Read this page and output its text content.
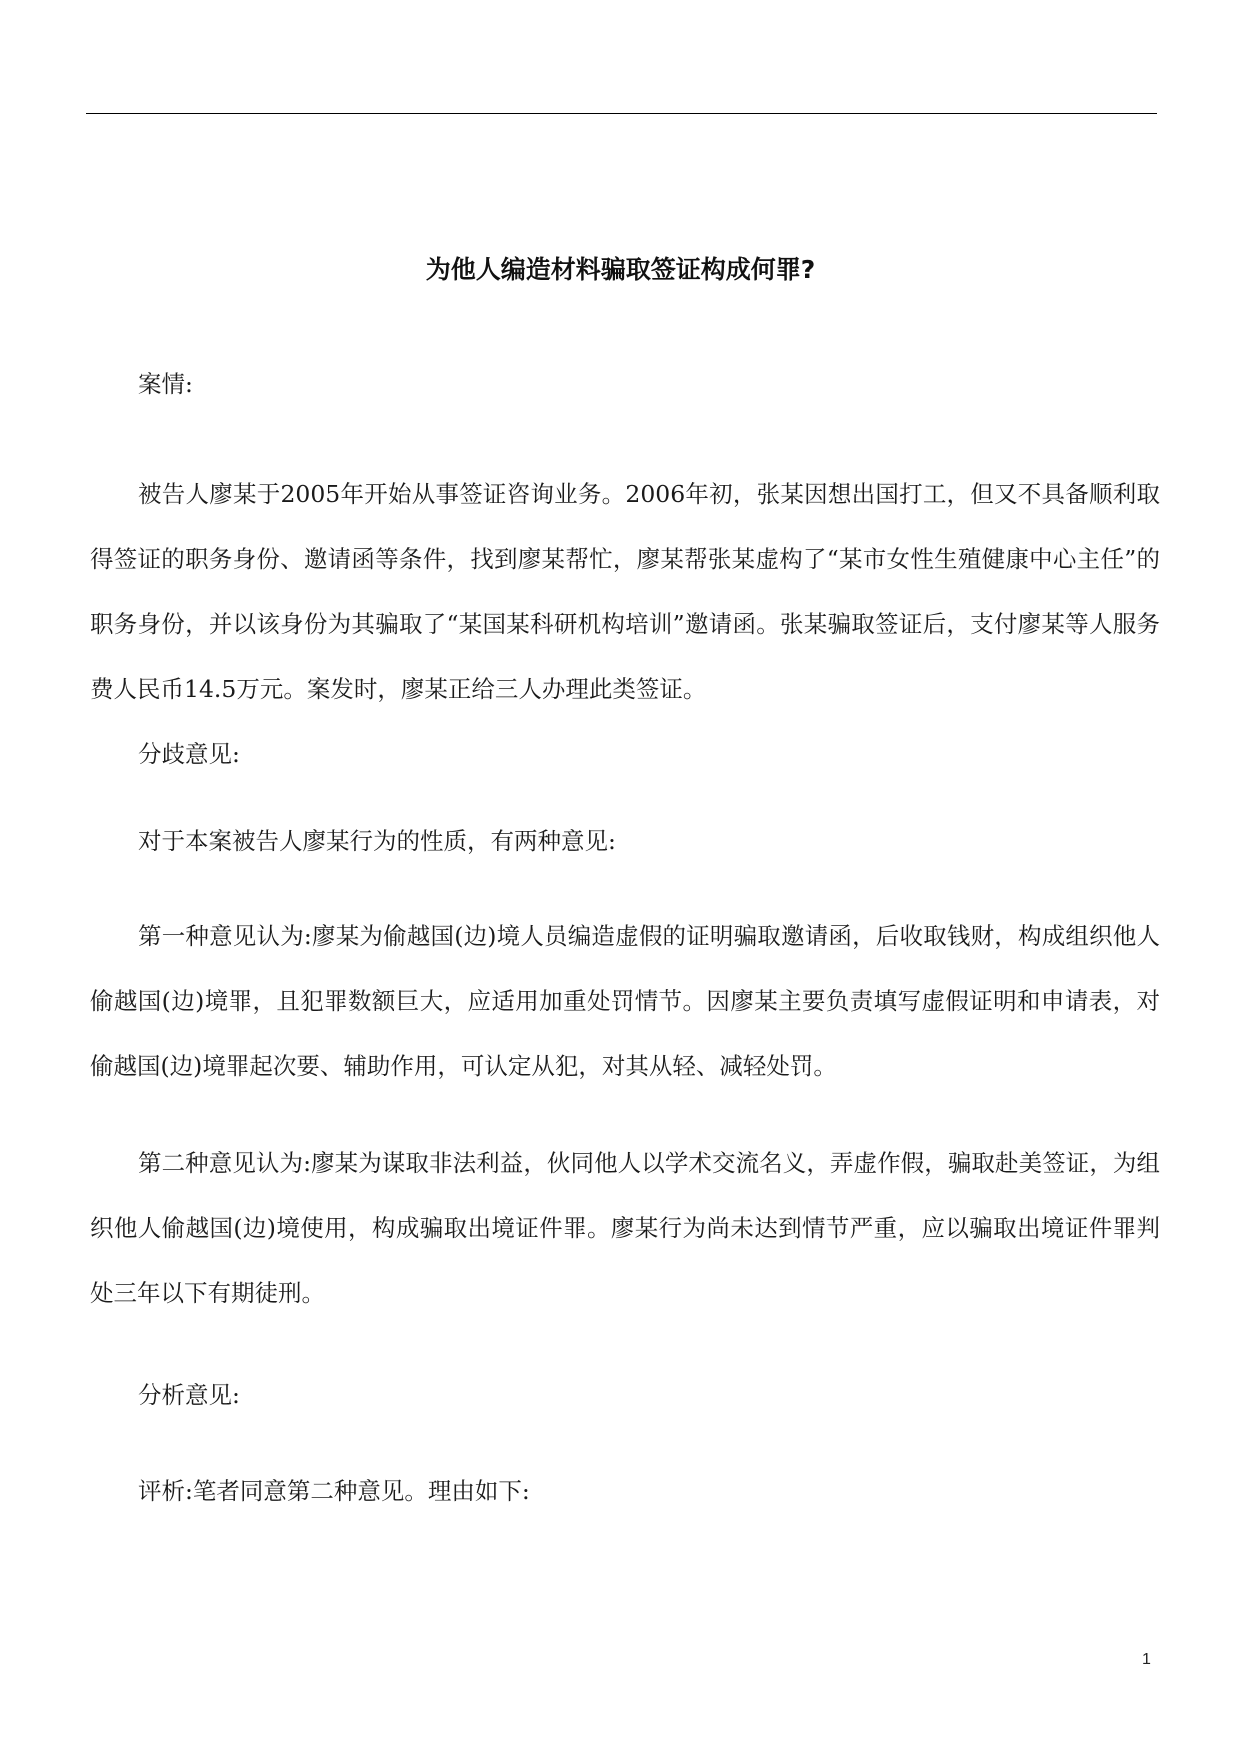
为他人编造材料骗取签证构成何罪?

案情:

被告人廖某于2005年开始从事签证咨询业务。2006年初，张某因想出国打工，但又不具备顺利取得签证的职务身份、邀请函等条件，找到廖某帮忙，廖某帮张某虚构了“某市女性生殖健康中心主任”的职务身份，并以该身份为其骗取了“某国某科研机构培训”邀请函。张某骗取签证后，支付廖某等人服务费人民币14.5万元。案发时，廖某正给三人办理此类签证。

分歧意见:

对于本案被告人廖某行为的性质，有两种意见:

第一种意见认为:廖某为偷越国(边)境人员编造虚假的证明骗取邀请函，后收取钱财，构成组织他人偷越国(边)境罪，且犯罪数额巨大，应适用加重处罚情节。因廖某主要负责填写虚假证明和申请表，对偷越国(边)境罪起次要、辅助作用，可认定从犯，对其从轻、减轻处罚。

第二种意见认为:廖某为谋取非法利益，伙同他人以学术交流名义，弄虚作假，骗取赴美签证，为组织他人偷越国(边)境使用，构成骗取出境证件罪。廖某行为尚未达到情节严重，应以骗取出境证件罪判处三年以下有期徒刑。

分析意见:

评析:笔者同意第二种意见。理由如下:

1
